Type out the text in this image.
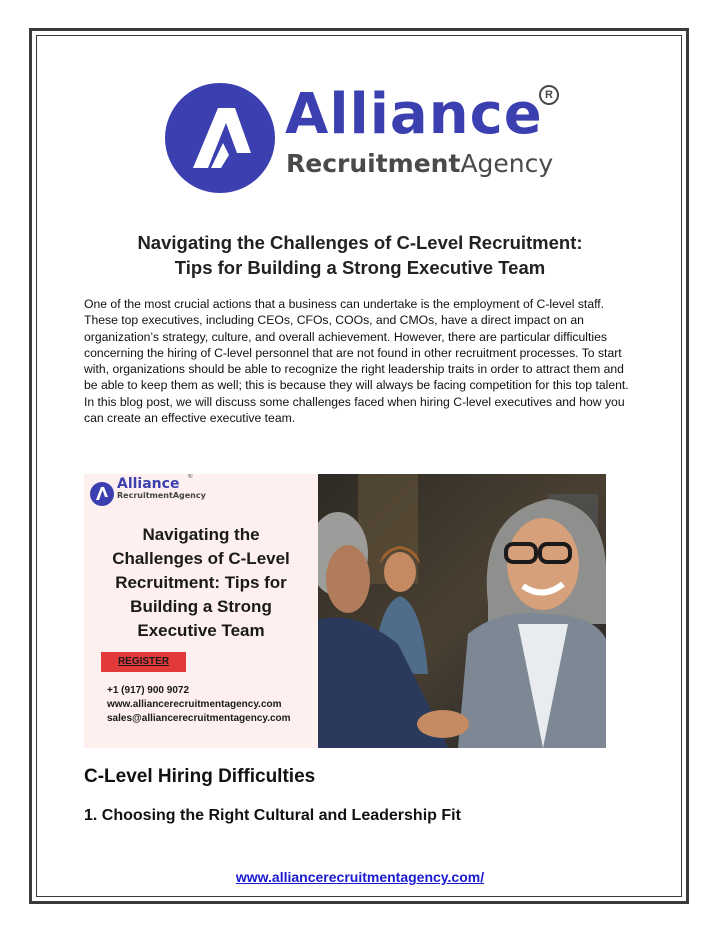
Alliance
RecruitmentAgency
R
Navigating the Challenges of C-Level Recruitment:
Tips for Building a Strong Executive Team

One of the most crucial actions that a business can undertake is the employment of C-level staff. These top executives, including CEOs, CFOs, COOs, and CMOs, have a direct impact on an organization’s strategy, culture, and overall achievement. However, there are particular difficulties concerning the hiring of C-level personnel that are not found in other recruitment processes. To start with, organizations should be able to recognize the right leadership traits in order to attract them and be able to keep them as well; this is because they will always be facing competition for this top talent. In this blog post, we will discuss some challenges faced when hiring C-level executives and how you can create an effective executive team.

Alliance
RecruitmentAgency
®
Navigating the
Challenges of C-Level
Recruitment: Tips for
Building a Strong
Executive Team
REGISTER
+1 (917) 900 9072
www.alliancerecruitmentagency.com
sales@alliancerecruitmentagency.com
C-Level Hiring Difficulties
1. Choosing the Right Cultural and Leadership Fit
www.alliancerecruitmentagency.com/
